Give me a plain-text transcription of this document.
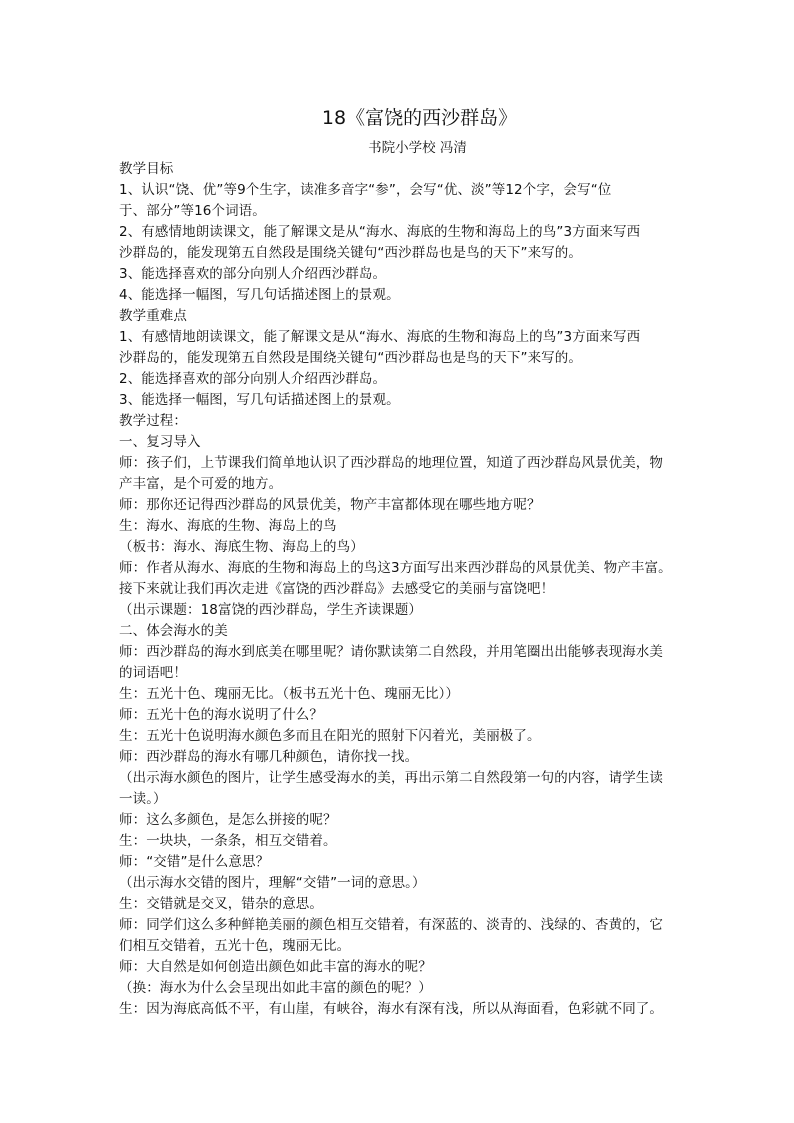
18《富饶的西沙群岛》
书院小学校 冯清
教学目标
1、认识“饶、优”等9个生字，读准多音字“参”，会写“优、淡”等12个字，会写“位
于、部分”等16个词语。
2、有感情地朗读课文，能了解课文是从“海水、海底的生物和海岛上的鸟”3方面来写西
沙群岛的，能发现第五自然段是围绕关键句“西沙群岛也是鸟的天下”来写的。
3、能选择喜欢的部分向别人介绍西沙群岛。
4、能选择一幅图，写几句话描述图上的景观。
教学重难点
1、有感情地朗读课文，能了解课文是从“海水、海底的生物和海岛上的鸟”3方面来写西
沙群岛的，能发现第五自然段是围绕关键句“西沙群岛也是鸟的天下”来写的。
2、能选择喜欢的部分向别人介绍西沙群岛。
3、能选择一幅图，写几句话描述图上的景观。
教学过程：
一、复习导入
师：孩子们，上节课我们简单地认识了西沙群岛的地理位置，知道了西沙群岛风景优美，物
产丰富，是个可爱的地方。
师：那你还记得西沙群岛的风景优美，物产丰富都体现在哪些地方呢？
生：海水、海底的生物、海岛上的鸟
（板书：海水、海底生物、海岛上的鸟）
师：作者从海水、海底的生物和海岛上的鸟这3方面写出来西沙群岛的风景优美、物产丰富。
接下来就让我们再次走进《富饶的西沙群岛》去感受它的美丽与富饶吧！
（出示课题：18富饶的西沙群岛，学生齐读课题）
二、体会海水的美
师：西沙群岛的海水到底美在哪里呢？请你默读第二自然段，并用笔圈出出能够表现海水美
的词语吧！
生：五光十色、瑰丽无比。（板书五光十色、瑰丽无比））
师：五光十色的海水说明了什么？
生：五光十色说明海水颜色多而且在阳光的照射下闪着光，美丽极了。
师：西沙群岛的海水有哪几种颜色，请你找一找。
（出示海水颜色的图片，让学生感受海水的美，再出示第二自然段第一句的内容，请学生读
一读。）
师：这么多颜色，是怎么拼接的呢？
生：一块块，一条条，相互交错着。
师：“交错”是什么意思？
（出示海水交错的图片，理解“交错”一词的意思。）
生：交错就是交叉，错杂的意思。
师：同学们这么多种鲜艳美丽的颜色相互交错着，有深蓝的、淡青的、浅绿的、杏黄的，它
们相互交错着，五光十色，瑰丽无比。
师：大自然是如何创造出颜色如此丰富的海水的呢？
（换：海水为什么会呈现出如此丰富的颜色的呢？）
生：因为海底高低不平，有山崖，有峡谷，海水有深有浅，所以从海面看，色彩就不同了。
